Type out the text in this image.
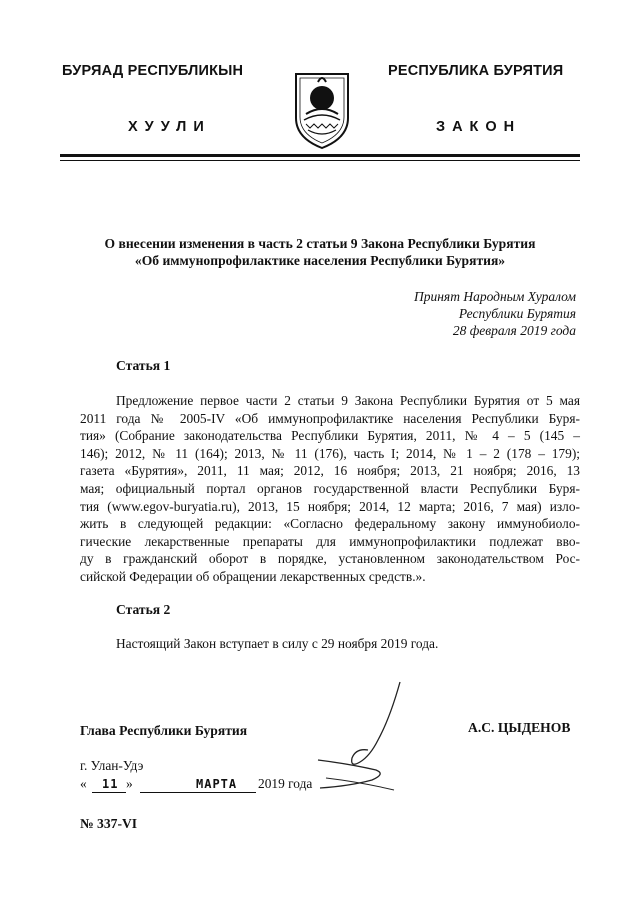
БУРЯАД РЕСПУБЛИКЫН
ХУУЛИ
РЕСПУБЛИКА БУРЯТИЯ
ЗАКОН
О внесении изменения в часть 2 статьи 9 Закона Республики Бурятия
«Об иммунопрофилактике населения Республики Бурятия»
Принят Народным Хуралом
Республики Бурятия
28 февраля 2019 года
Статья 1
Предложение первое части 2 статьи 9 Закона Республики Бурятия от 5 мая
2011 года № 2005-IV «Об иммунопрофилактике населения Республики Буря-
тия» (Собрание законодательства Республики Бурятия, 2011, № 4 – 5 (145 –
146); 2012, № 11 (164); 2013, № 11 (176), часть I; 2014, № 1 – 2 (178 – 179);
газета «Бурятия», 2011, 11 мая; 2012, 16 ноября; 2013, 21 ноября; 2016, 13
мая; официальный портал органов государственной власти Республики Буря-
тия (www.egov-buryatia.ru), 2013, 15 ноября; 2014, 12 марта; 2016, 7 мая) изло-
жить в следующей редакции: «Согласно федеральному закону иммунобиоло-
гические лекарственные препараты для иммунопрофилактики подлежат вво-
ду в гражданский оборот в порядке, установленном законодательством Рос-
сийской Федерации об обращении лекарственных средств.».
Статья 2
Настоящий Закон вступает в силу с 29 ноября 2019 года.
Глава Республики Бурятия	А.С. ЦЫДЕНОВ
г. Улан-Удэ
« 11 »	МАРТА 2019 года
№ 337-VI
